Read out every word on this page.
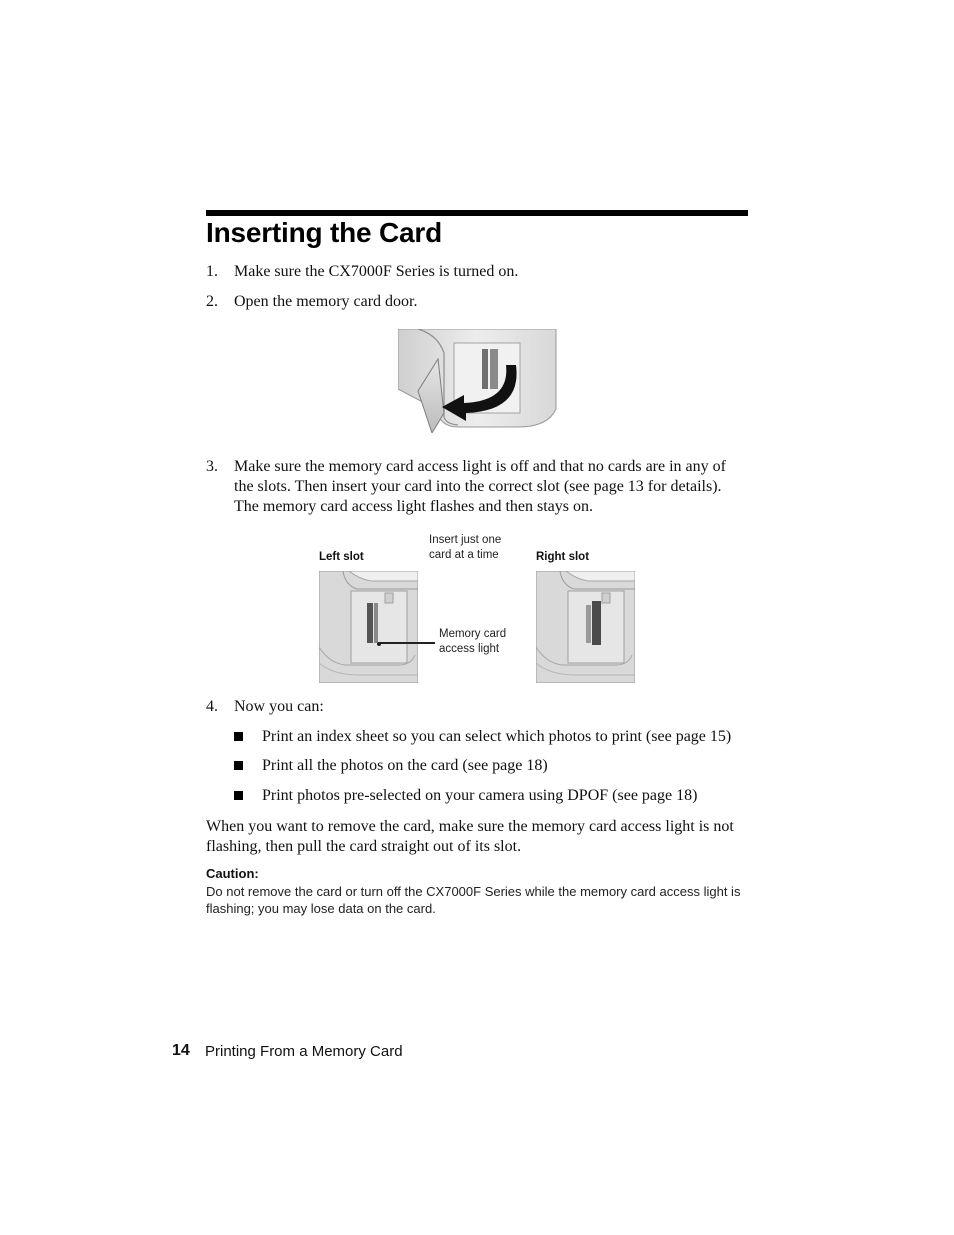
Inserting the Card
1. Make sure the CX7000F Series is turned on.
2. Open the memory card door.
3. Make sure the memory card access light is off and that no cards are in any of the slots. Then insert your card into the correct slot (see page 13 for details). The memory card access light flashes and then stays on.
Left slot
Insert just one card at a time	Right slot
Memory card access light
4. Now you can:
Print an index sheet so you can select which photos to print (see page 15)
Print all the photos on the card (see page 18)
Print photos pre-selected on your camera using DPOF (see page 18)
When you want to remove the card, make sure the memory card access light is not flashing, then pull the card straight out of its slot.
Caution:
Do not remove the card or turn off the CX7000F Series while the memory card access light is flashing; you may lose data on the card.
14 Printing From a Memory Card
